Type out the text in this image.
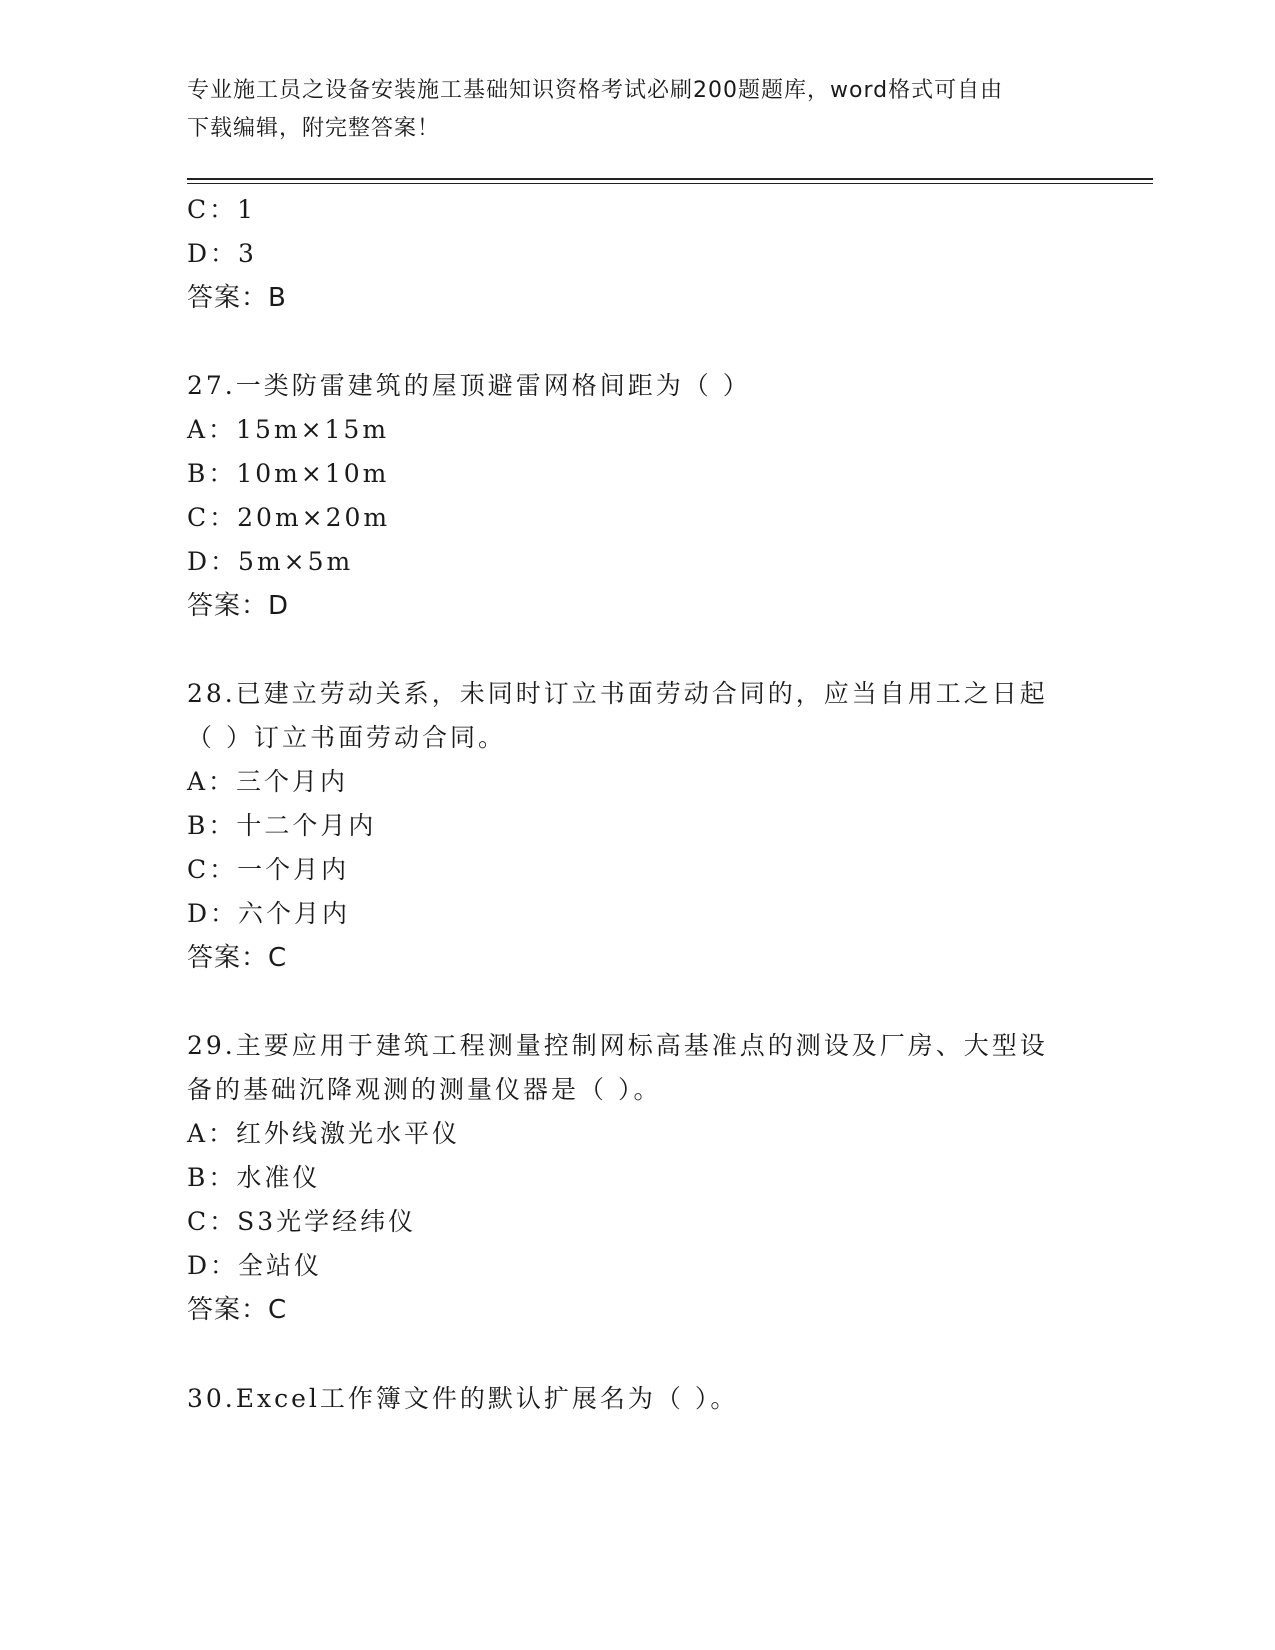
专业施工员之设备安装施工基础知识资格考试必刷200题题库，word格式可自由
下载编辑，附完整答案！
C：1
D：3
答案：B
27.一类防雷建筑的屋顶避雷网格间距为（ ）
A：15m×15m
B：10m×10m
C：20m×20m
D：5m×5m
答案：D
28.已建立劳动关系，未同时订立书面劳动合同的，应当自用工之日起
（ ）订立书面劳动合同。
A：三个月内
B：十二个月内
C：一个月内
D：六个月内
答案：C
29.主要应用于建筑工程测量控制网标高基准点的测设及厂房、大型设
备的基础沉降观测的测量仪器是（ ）。
A：红外线激光水平仪
B：水准仪
C：S3光学经纬仪
D：全站仪
答案：C
30.Excel工作簿文件的默认扩展名为（ ）。
